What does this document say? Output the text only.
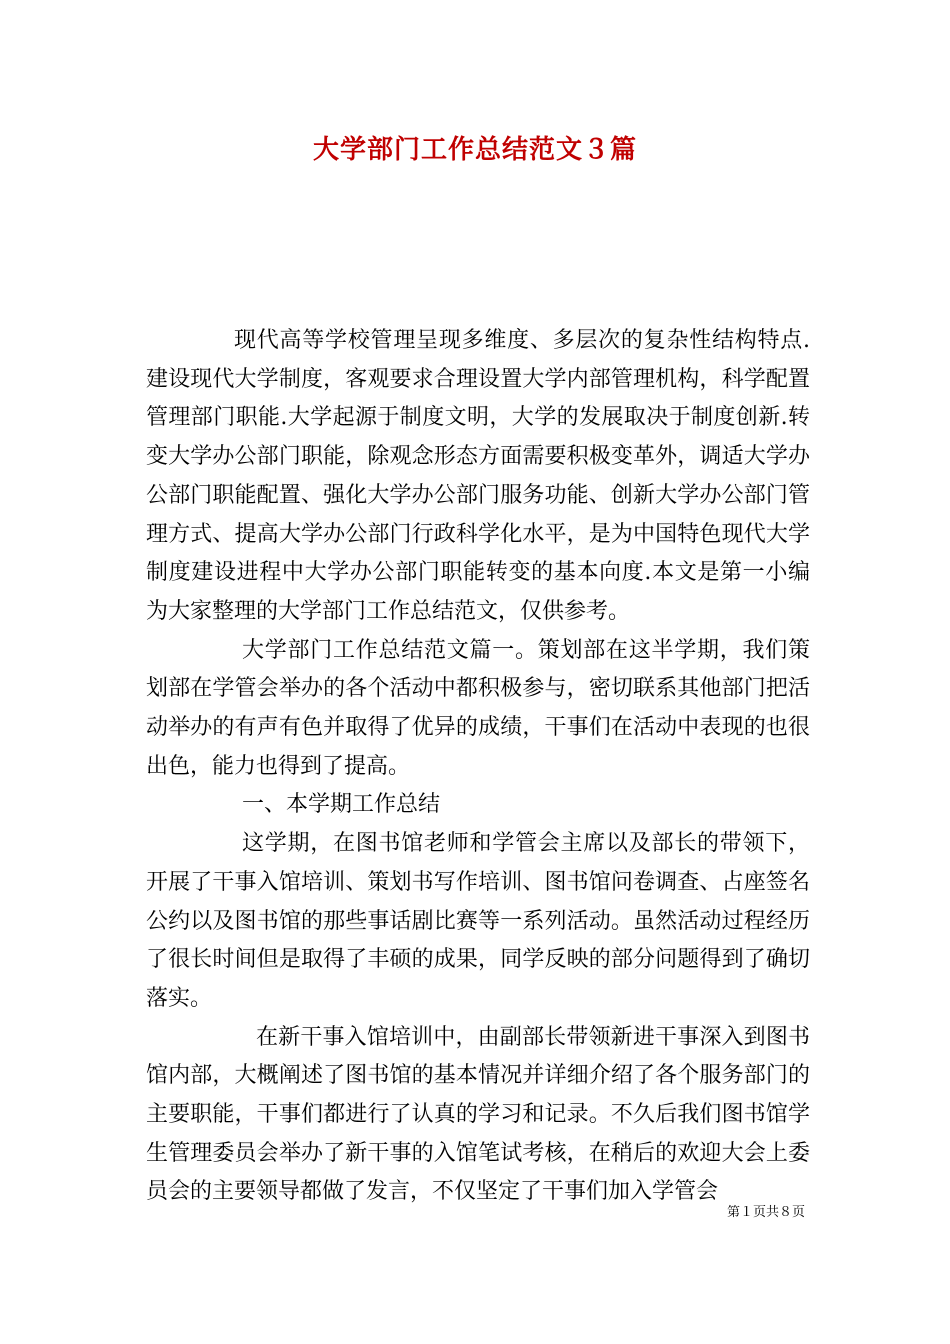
大学部门工作总结范文３篇

现代高等学校管理呈现多维度、多层次的复杂性结构特点.建设现代大学制度，客观要求合理设置大学内部管理机构，科学配置管理部门职能.大学起源于制度文明，大学的发展取决于制度创新.转变大学办公部门职能，除观念形态方面需要积极变革外，调适大学办公部门职能配置、强化大学办公部门服务功能、创新大学办公部门管理方式、提高大学办公部门行政科学化水平，是为中国特色现代大学制度建设进程中大学办公部门职能转变的基本向度.本文是第一小编为大家整理的大学部门工作总结范文，仅供参考。

大学部门工作总结范文篇一。策划部在这半学期，我们策划部在学管会举办的各个活动中都积极参与，密切联系其他部门把活动举办的有声有色并取得了优异的成绩，干事们在活动中表现的也很出色，能力也得到了提高。

一、本学期工作总结

这学期，在图书馆老师和学管会主席以及部长的带领下，开展了干事入馆培训、策划书写作培训、图书馆问卷调查、占座签名公约以及图书馆的那些事话剧比赛等一系列活动。虽然活动过程经历了很长时间但是取得了丰硕的成果，同学反映的部分问题得到了确切落实。

在新干事入馆培训中，由副部长带领新进干事深入到图书馆内部，大概阐述了图书馆的基本情况并详细介绍了各个服务部门的主要职能，干事们都进行了认真的学习和记录。不久后我们图书馆学生管理委员会举办了新干事的入馆笔试考核，在稍后的欢迎大会上委员会的主要领导都做了发言，不仅坚定了干事们加入学管会

第１页共８页
